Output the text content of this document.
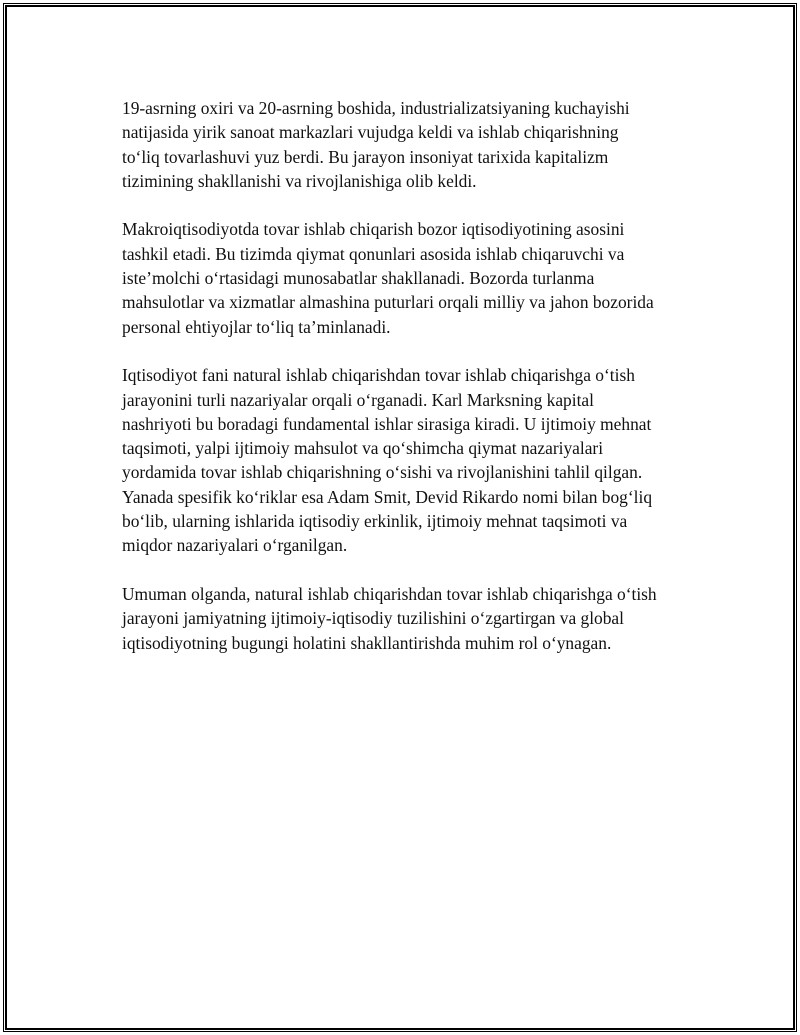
19-asrning oxiri va 20-asrning boshida, industrializatsiyaning kuchayishi
natijasida yirik sanoat markazlari vujudga keldi va ishlab chiqarishning
to‘liq tovarlashuvi yuz berdi. Bu jarayon insoniyat tarixida kapitalizm
tizimining shakllanishi va rivojlanishiga olib keldi.

Makroiqtisodiyotda tovar ishlab chiqarish bozor iqtisodiyotining asosini
tashkil etadi. Bu tizimda qiymat qonunlari asosida ishlab chiqaruvchi va
iste’molchi o‘rtasidagi munosabatlar shakllanadi. Bozorda turlanma
mahsulotlar va xizmatlar almashina puturlari orqali milliy va jahon bozorida
personal ehtiyojlar to‘liq ta’minlanadi.

Iqtisodiyot fani natural ishlab chiqarishdan tovar ishlab chiqarishga o‘tish
jarayonini turli nazariyalar orqali o‘rganadi. Karl Marksning kapital
nashriyoti bu boradagi fundamental ishlar sirasiga kiradi. U ijtimoiy mehnat
taqsimoti, yalpi ijtimoiy mahsulot va qo‘shimcha qiymat nazariyalari
yordamida tovar ishlab chiqarishning o‘sishi va rivojlanishini tahlil qilgan.
Yanada spesifik ko‘riklar esa Adam Smit, Devid Rikardo nomi bilan bog‘liq
bo‘lib, ularning ishlarida iqtisodiy erkinlik, ijtimoiy mehnat taqsimoti va
miqdor nazariyalari o‘rganilgan.

Umuman olganda, natural ishlab chiqarishdan tovar ishlab chiqarishga o‘tish
jarayoni jamiyatning ijtimoiy-iqtisodiy tuzilishini o‘zgartirgan va global
iqtisodiyotning bugungi holatini shakllantirishda muhim rol o‘ynagan.
